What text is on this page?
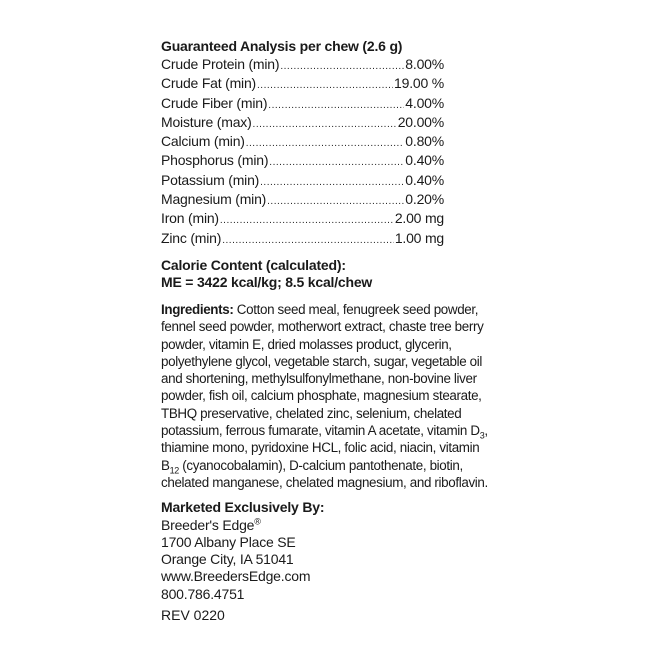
Guaranteed Analysis per chew (2.6 g)
Crude Protein (min) .....	8.00%
Crude Fat (min) .....	19.00 %
Crude Fiber (min) .....	4.00%
Moisture (max) .....	20.00%
Calcium (min) .....	0.80%
Phosphorus (min) .....	0.40%
Potassium (min) .....	0.40%
Magnesium (min) .....	0.20%
Iron (min) .....	2.00 mg
Zinc (min) .....	1.00 mg
Calorie Content (calculated):
ME = 3422 kcal/kg; 8.5 kcal/chew
Ingredients: Cotton seed meal, fenugreek seed powder, fennel seed powder, motherwort extract, chaste tree berry powder, vitamin E, dried molasses product, glycerin, polyethylene glycol, vegetable starch, sugar, vegetable oil and shortening, methylsulfonylmethane, non-bovine liver powder, fish oil, calcium phosphate, magnesium stearate, TBHQ preservative, chelated zinc, selenium, chelated potassium, ferrous fumarate, vitamin A acetate, vitamin $D_3$, thiamine mono, pyridoxine HCL, folic acid, niacin, vitamin $B_{12}$ (cyanocobalamin), D-calcium pantothenate, biotin, chelated manganese, chelated magnesium, and riboflavin.
Marketed Exclusively By:
Breeder's Edge®
1700 Albany Place SE
Orange City, IA 51041
www.BreedersEdge.com
800.786.4751
REV 0220
